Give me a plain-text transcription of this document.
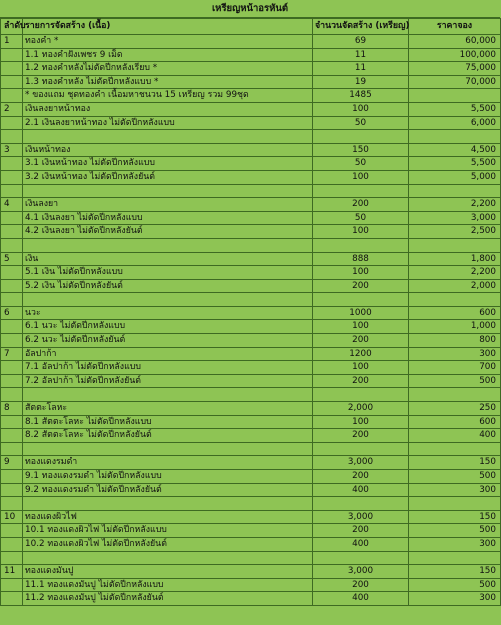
เหรียญหน้าอรหันต์
ลำดับ	รายการจัดสร้าง (เนื้อ)	จำนวนจัดสร้าง (เหรียญ)	ราคาจอง
1	ทองคำ *	69	60,000
	1.1 ทองคำฝังเพชร 9 เม็ด	11	100,000
	1.2 ทองคำหลังไม่ตัดปีกหลังเรียบ *	11	75,000
	1.3 ทองคำหลัง ไม่ตัดปีกหลังแบบ *	19	70,000
	* ของแถม ชุดทองคำ เนื้อมหาชนวน 15 เหรียญ รวม 99ชุด	1485	
2	เงินลงยาหน้าทอง	100	5,500
	2.1 เงินลงยาหน้าทอง ไม่ตัดปีกหลังแบบ	50	6,000

3	เงินหน้าทอง	150	4,500
	3.1 เงินหน้าทอง ไม่ตัดปีกหลังแบบ	50	5,500
	3.2 เงินหน้าทอง ไม่ตัดปีกหลังยันต์	100	5,000

4	เงินลงยา	200	2,200
	4.1 เงินลงยา ไม่ตัดปีกหลังแบบ	50	3,000
	4.2 เงินลงยา ไม่ตัดปีกหลังยันต์	100	2,500

5	เงิน	888	1,800
	5.1 เงิน ไม่ตัดปีกหลังแบบ	100	2,200
	5.2 เงิน ไม่ตัดปีกหลังยันต์	200	2,000

6	นวะ	1000	600
	6.1 นวะ ไม่ตัดปีกหลังแบบ	100	1,000
	6.2 นวะ ไม่ตัดปีกหลังยันต์	200	800
7	อัลปาก้า	1200	300
	7.1 อัลปาก้า ไม่ตัดปีกหลังแบบ	100	700
	7.2 อัลปาก้า ไม่ตัดปีกหลังยันต์	200	500

8	สัตตะโลหะ	2,000	250
	8.1 สัตตะโลหะ ไม่ตัดปีกหลังแบบ	100	600
	8.2 สัตตะโลหะ ไม่ตัดปีกหลังยันต์	200	400

9	ทองแดงรมดำ	3,000	150
	9.1 ทองแดงรมดำ ไม่ตัดปีกหลังแบบ	200	500
	9.2 ทองแดงรมดำ ไม่ตัดปีกหลังยันต์	400	300

10	ทองแดงผิวไฟ	3,000	150
	10.1 ทองแดงผิวไฟ ไม่ตัดปีกหลังแบบ	200	500
	10.2 ทองแดงผิวไฟ ไม่ตัดปีกหลังยันต์	400	300

11	ทองแดงมันปู	3,000	150
	11.1 ทองแดงมันปู ไม่ตัดปีกหลังแบบ	200	500
	11.2 ทองแดงมันปู ไม่ตัดปีกหลังยันต์	400	300
